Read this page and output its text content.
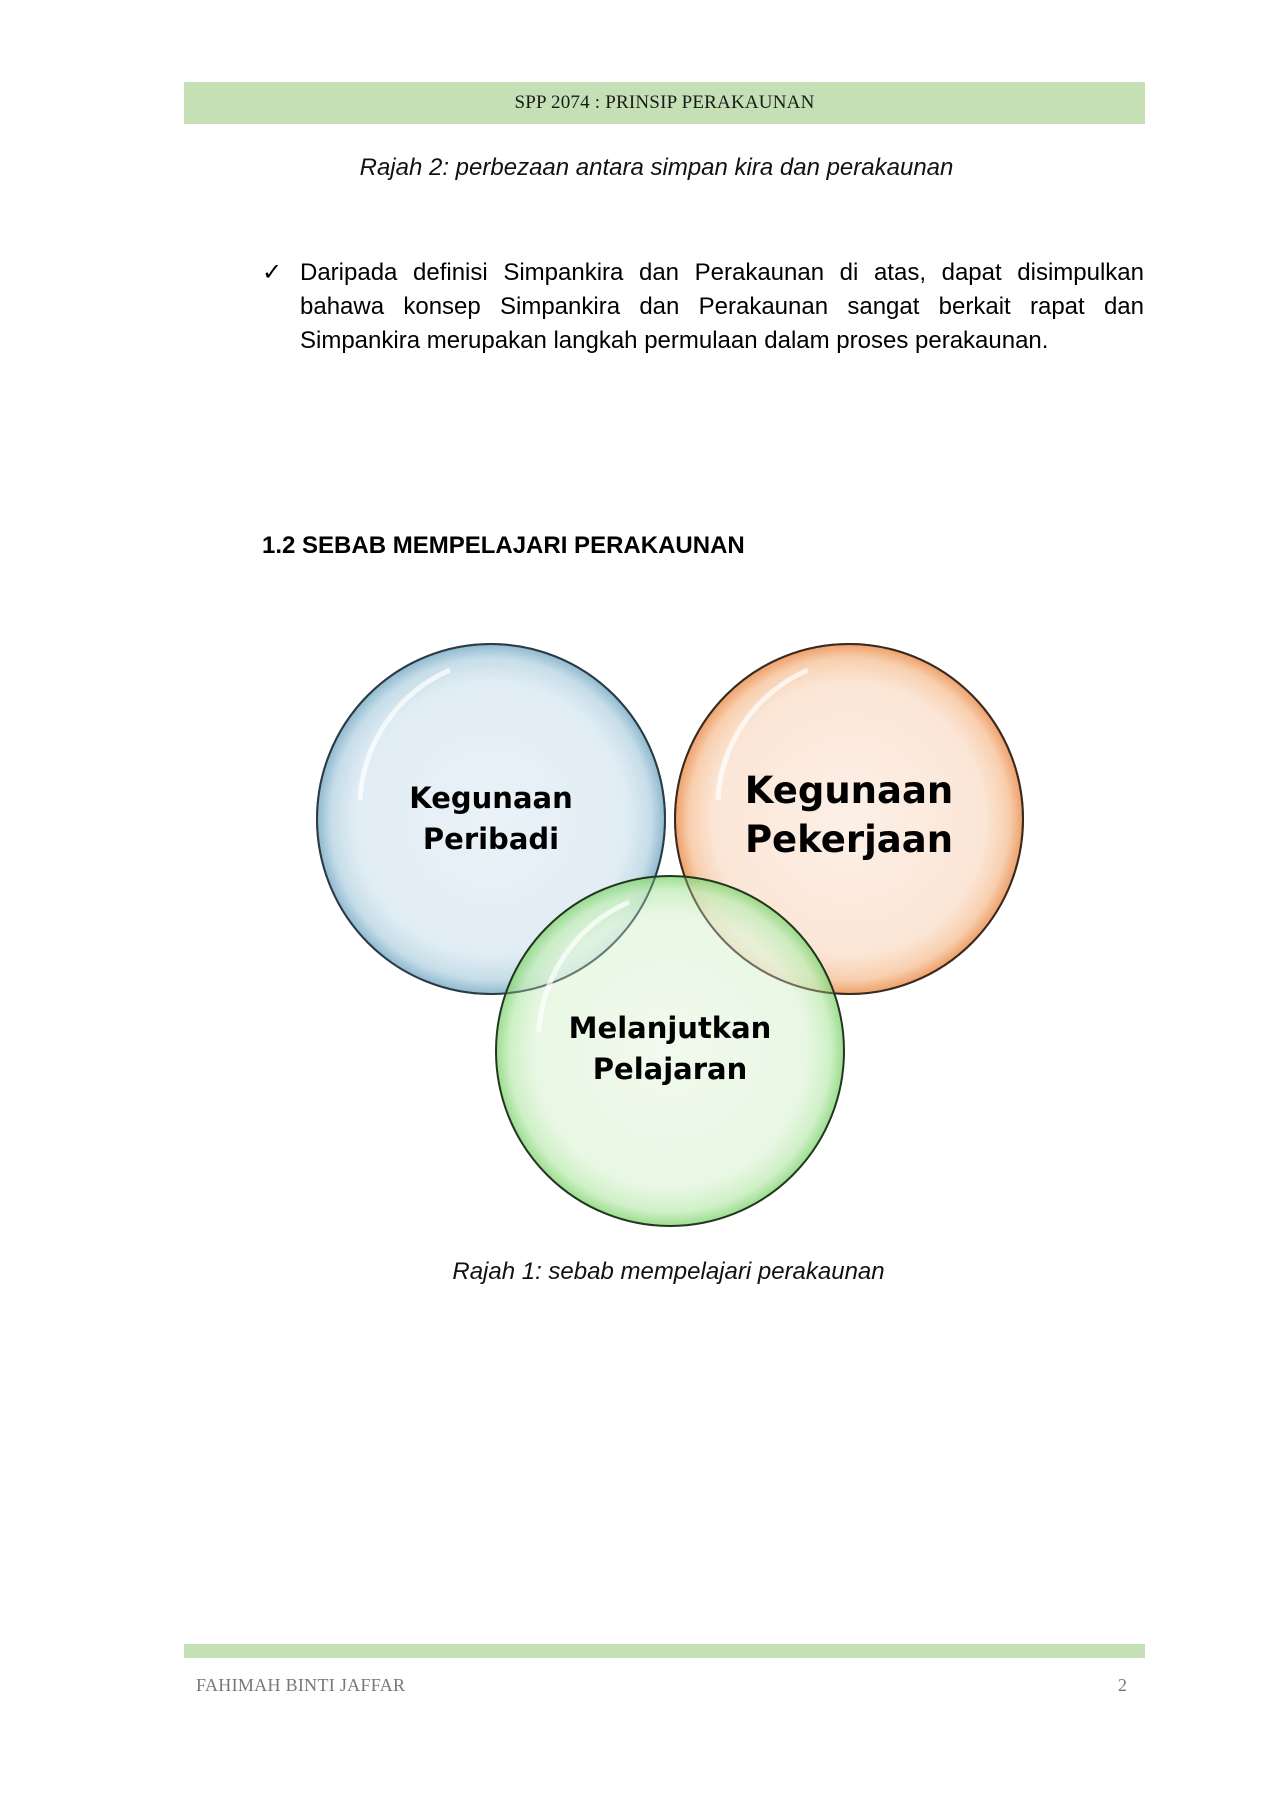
SPP 2074 : PRINSIP PERAKAUNAN
Rajah 2: perbezaan antara simpan kira dan perakaunan
✓ Daripada definisi Simpankira dan Perakaunan di atas, dapat disimpulkan bahawa konsep Simpankira dan Perakaunan sangat berkait rapat dan Simpankira merupakan langkah permulaan dalam proses perakaunan.
1.2 SEBAB MEMPELAJARI PERAKAUNAN
Kegunaan
Peribadi
Kegunaan
Pekerjaan
Melanjutkan
Pelajaran
Rajah 1: sebab mempelajari perakaunan
FAHIMAH BINTI JAFFAR	2
